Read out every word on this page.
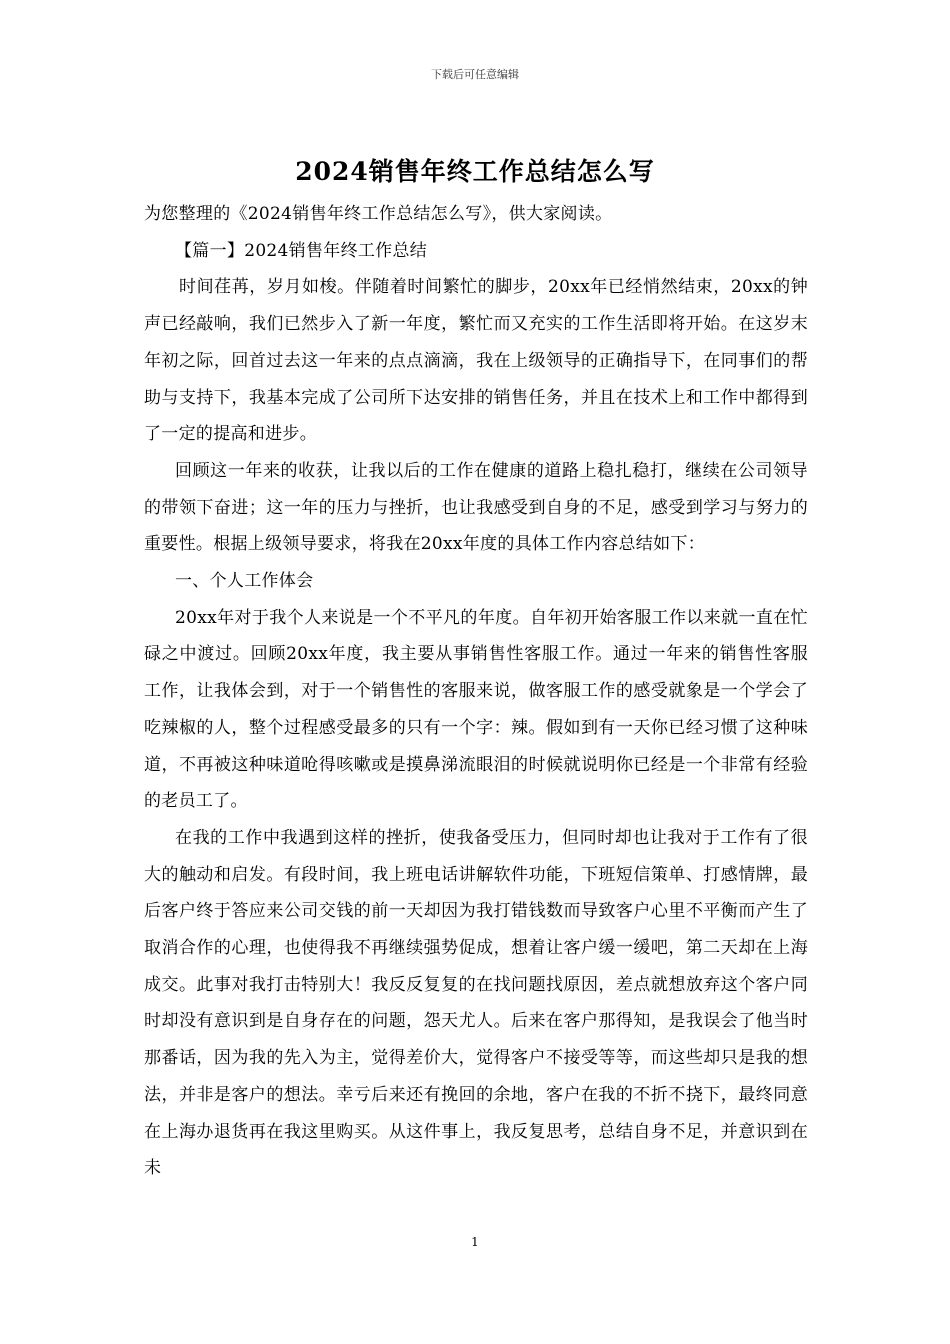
下载后可任意编辑
2024销售年终工作总结怎么写

为您整理的《2024销售年终工作总结怎么写》，供大家阅读。

【篇一】2024销售年终工作总结

时间荏苒，岁月如梭。伴随着时间繁忙的脚步，20xx年已经悄然结束，20xx的钟声已经敲响，我们已然步入了新一年度，繁忙而又充实的工作生活即将开始。在这岁末年初之际，回首过去这一年来的点点滴滴，我在上级领导的正确指导下，在同事们的帮助与支持下，我基本完成了公司所下达安排的销售任务，并且在技术上和工作中都得到了一定的提高和进步。

回顾这一年来的收获，让我以后的工作在健康的道路上稳扎稳打，继续在公司领导的带领下奋进；这一年的压力与挫折，也让我感受到自身的不足，感受到学习与努力的重要性。根据上级领导要求，将我在20xx年度的具体工作内容总结如下：

一、个人工作体会

20xx年对于我个人来说是一个不平凡的年度。自年初开始客服工作以来就一直在忙碌之中渡过。回顾20xx年度，我主要从事销售性客服工作。通过一年来的销售性客服工作，让我体会到，对于一个销售性的客服来说，做客服工作的感受就象是一个学会了吃辣椒的人，整个过程感受最多的只有一个字：辣。假如到有一天你已经习惯了这种味道，不再被这种味道呛得咳嗽或是摸鼻涕流眼泪的时候就说明你已经是一个非常有经验的老员工了。

在我的工作中我遇到这样的挫折，使我备受压力，但同时却也让我对于工作有了很大的触动和启发。有段时间，我上班电话讲解软件功能，下班短信策单、打感情牌，最后客户终于答应来公司交钱的前一天却因为我打错钱数而导致客户心里不平衡而产生了取消合作的心理，也使得我不再继续强势促成，想着让客户缓一缓吧，第二天却在上海成交。此事对我打击特别大！我反反复复的在找问题找原因，差点就想放弃这个客户同时却没有意识到是自身存在的问题，怨天尤人。后来在客户那得知，是我误会了他当时那番话，因为我的先入为主，觉得差价大，觉得客户不接受等等，而这些却只是我的想法，并非是客户的想法。幸亏后来还有挽回的余地，客户在我的不折不挠下，最终同意在上海办退货再在我这里购买。从这件事上，我反复思考，总结自身不足，并意识到在未

1
